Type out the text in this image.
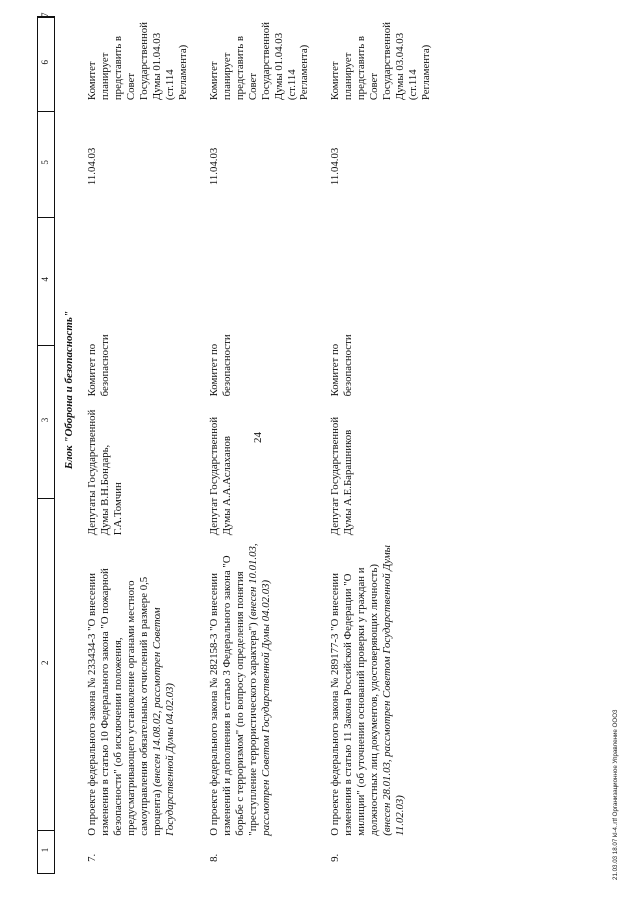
24
1
2
3
4
5
6
7
Блок "Оборона и безопасность"
7.
О проекте федерального закона № 233434-3 "О внесении изменения в статью 10 Федерального закона "О пожарной безопасности" (об исключении положения, предусматривающего установление органами местного самоуправления обязательных отчислений в размере 0,5 процента) (внесен 14.08.02, рассмотрен Советом Государственной Думы 04.02.03)
Депутаты Государственной Думы В.Н.Бондарь, Г.А.Томчин
Комитет по безопасности
11.04.03
Комитет планирует представить в Совет Государственной Думы 01.04.03 (ст.114 Регламента)
8.
О проекте федерального закона № 282158-3 "О внесении изменений и дополнения в статью 3 Федерального закона "О борьбе с терроризмом" (по вопросу определения понятия "преступление террористического характера") (внесен 10.01.03, рассмотрен Советом Государственной Думы 04.02.03)
Депутат Государственной Думы А.А.Аслаханов
Комитет по безопасности
11.04.03
Комитет планирует представить в Совет Государственной Думы 01.04.03 (ст.114 Регламента)
9.
О проекте федерального закона № 289177-3 "О внесении изменения в статью 11 Закона Российской Федерации "О милиции" (об уточнении оснований проверки у граждан и должностных лиц документов, удостоверяющих личность) (внесен 28.01.03, рассмотрен Советом Государственной Думы 11.02.03)
Депутат Государственной Думы А.Е.Барашников
Комитет по безопасности
11.04.03
Комитет планирует представить в Совет Государственной Думы 03.04.03 (ст.114 Регламента)
21.03.03 18.07 kl-4..rtf Организационное Управление ООО3
